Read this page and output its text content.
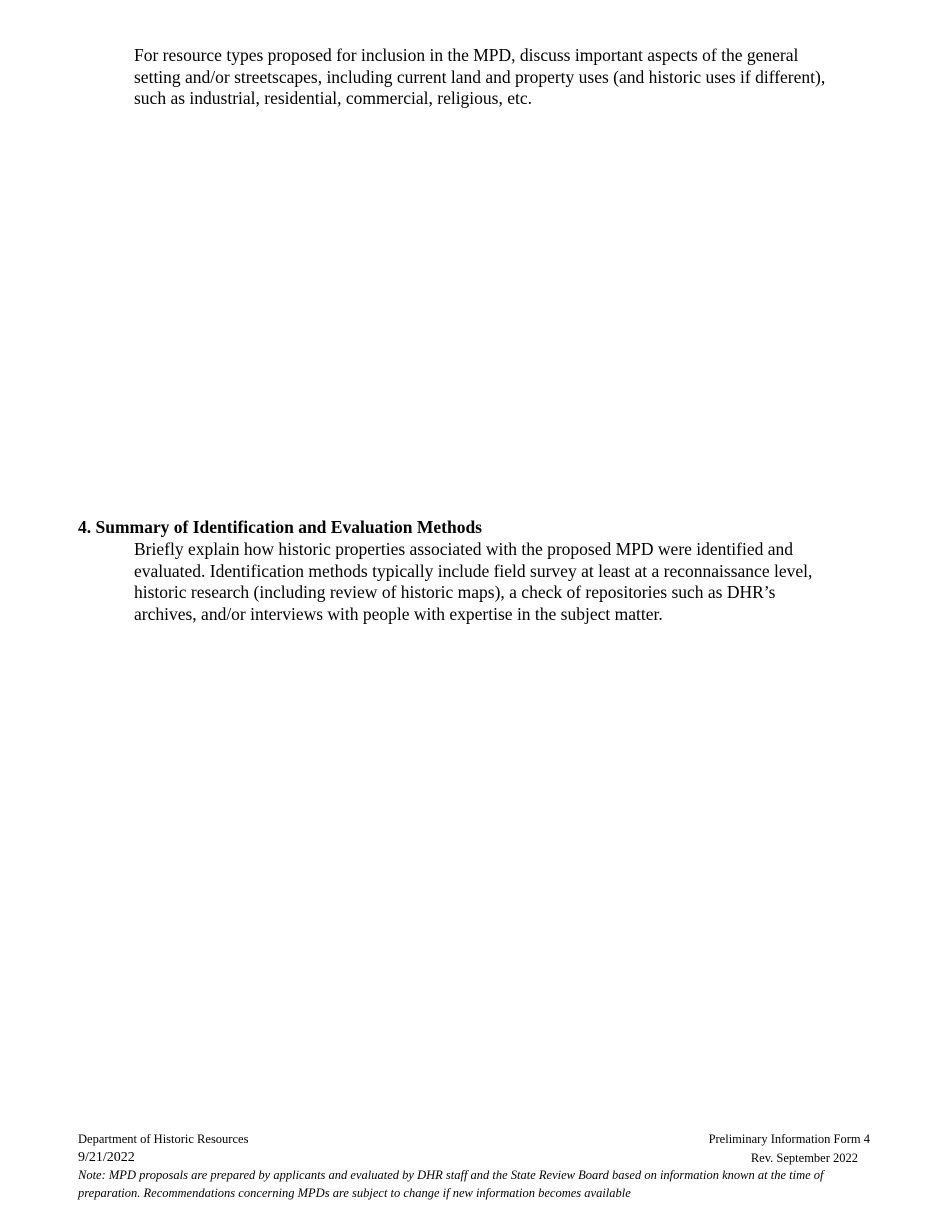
For resource types proposed for inclusion in the MPD, discuss important aspects of the general
setting and/or streetscapes, including current land and property uses (and historic uses if different),
such as industrial, residential, commercial, religious, etc.

4. Summary of Identification and Evaluation Methods

Briefly explain how historic properties associated with the proposed MPD were identified and
evaluated. Identification methods typically include field survey at least at a reconnaissance level,
historic research (including review of historic maps), a check of repositories such as DHR’s
archives, and/or interviews with people with expertise in the subject matter.

Department of Historic Resources	Preliminary Information Form 4
9/21/2022	Rev. September 2022

Note: MPD proposals are prepared by applicants and evaluated by DHR staff and the State Review Board based on information known at the time of
preparation. Recommendations concerning MPDs are subject to change if new information becomes available
